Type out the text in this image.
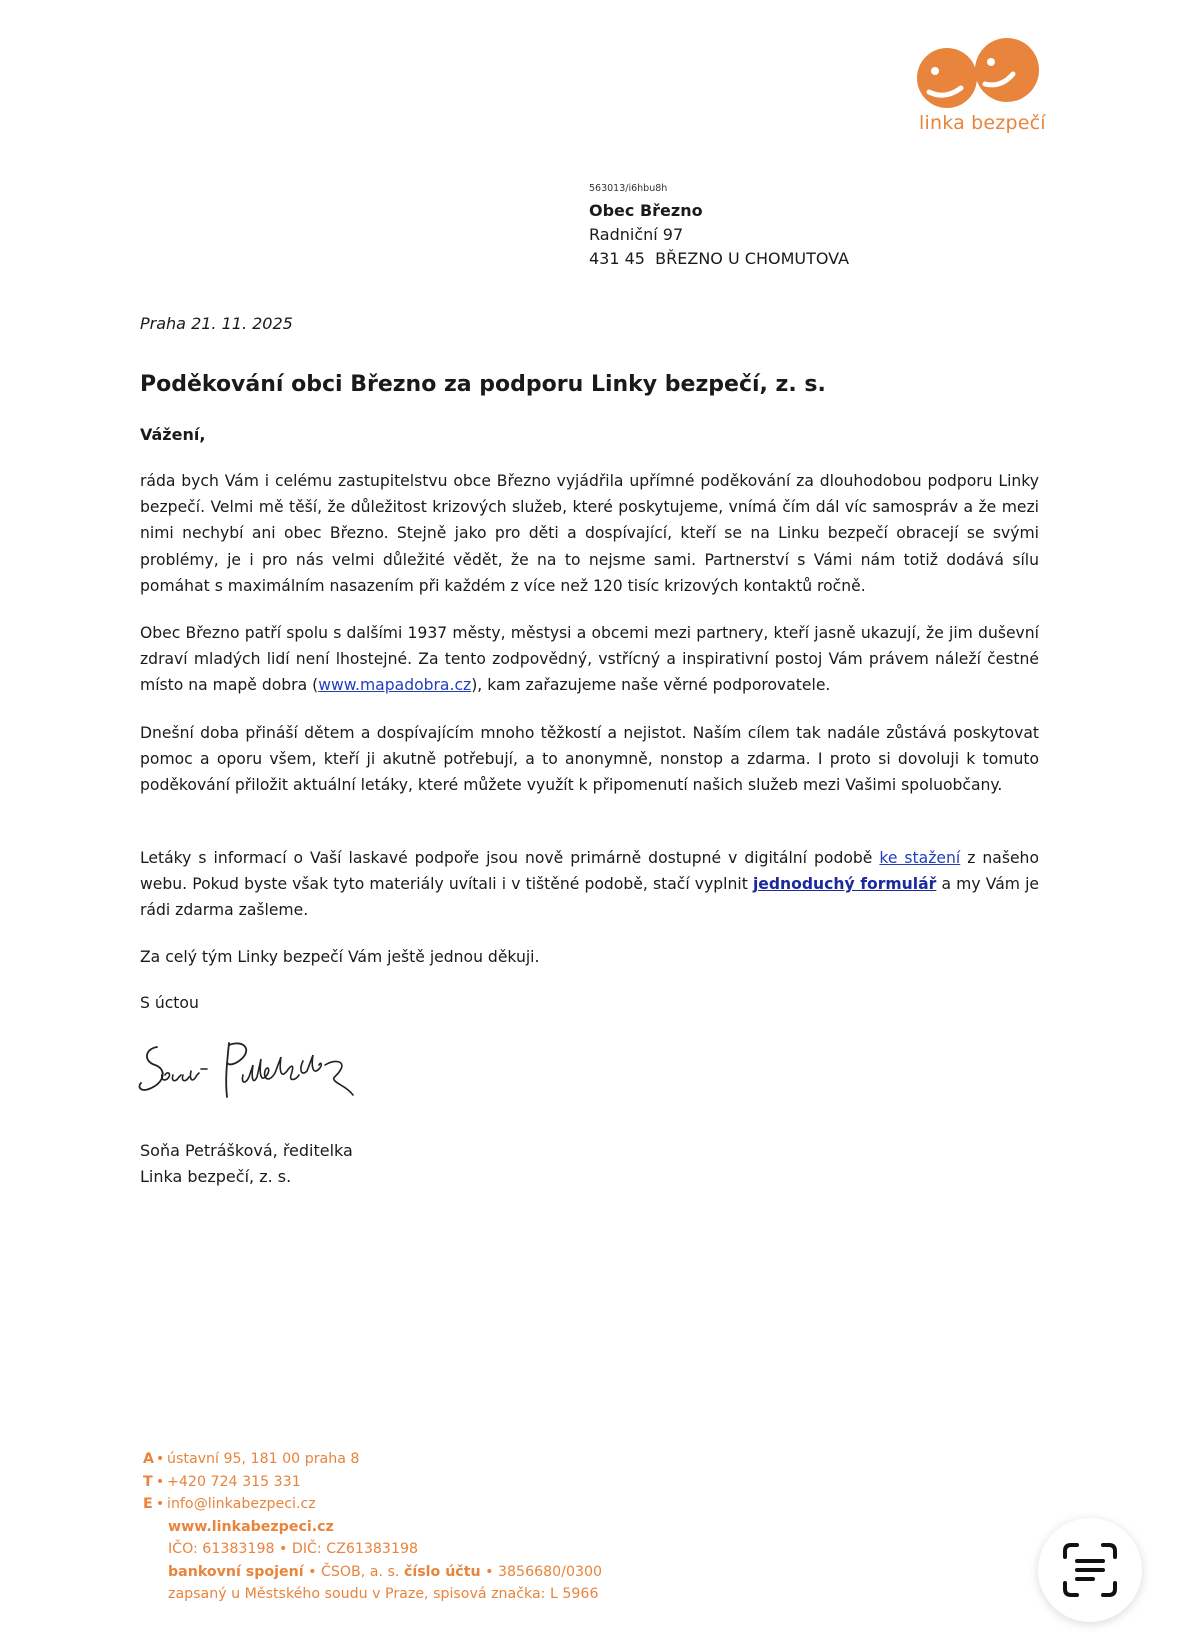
linka bezpečí
563013/i6hbu8h
Obec Březno
Radniční 97
431 45  BŘEZNO U CHOMUTOVA
Praha 21. 11. 2025
Poděkování obci Březno za podporu Linky bezpečí, z. s.
Vážení,

ráda bych Vám i celému zastupitelstvu obce Březno vyjádřila upřímné poděkování za dlouhodobou podporu Linky bezpečí. Velmi mě těší, že důležitost krizových služeb, které poskytujeme, vnímá čím dál víc samospráv a že mezi nimi nechybí ani obec Březno. Stejně jako pro děti a dospívající, kteří se na Linku bezpečí obracejí se svými problémy, je i pro nás velmi důležité vědět, že na to nejsme sami. Partnerství s Vámi nám totiž dodává sílu pomáhat s maximálním nasazením při každém z více než 120 tisíc krizových kontaktů ročně.

Obec Březno patří spolu s dalšími 1937 městy, městysi a obcemi mezi partnery, kteří jasně ukazují, že jim duševní zdraví mladých lidí není lhostejné. Za tento zodpovědný, vstřícný a inspirativní postoj Vám právem náleží čestné místo na mapě dobra (www.mapadobra.cz), kam zařazujeme naše věrné podporovatele.

Dnešní doba přináší dětem a dospívajícím mnoho těžkostí a nejistot. Naším cílem tak nadále zůstává poskytovat pomoc a oporu všem, kteří ji akutně potřebují, a to anonymně, nonstop a zdarma. I proto si dovoluji k tomuto poděkování přiložit aktuální letáky, které můžete využít k připomenutí našich služeb mezi Vašimi spoluobčany.

Letáky s informací o Vaší laskavé podpoře jsou nově primárně dostupné v digitální podobě ke stažení z našeho webu. Pokud byste však tyto materiály uvítali i v tištěné podobě, stačí vyplnit jednoduchý formulář a my Vám je rádi zdarma zašleme.

Za celý tým Linky bezpečí Vám ještě jednou děkuji.

S úctou

Soňa Petrášková, ředitelka
Linka bezpečí, z. s.
A • ústavní 95, 181 00 praha 8
T • +420 724 315 331
E • info@linkabezpeci.cz
www.linkabezpeci.cz
IČO: 61383198 • DIČ: CZ61383198
bankovní spojení • ČSOB, a. s. číslo účtu • 3856680/0300
zapsaný u Městského soudu v Praze, spisová značka: L 5966
